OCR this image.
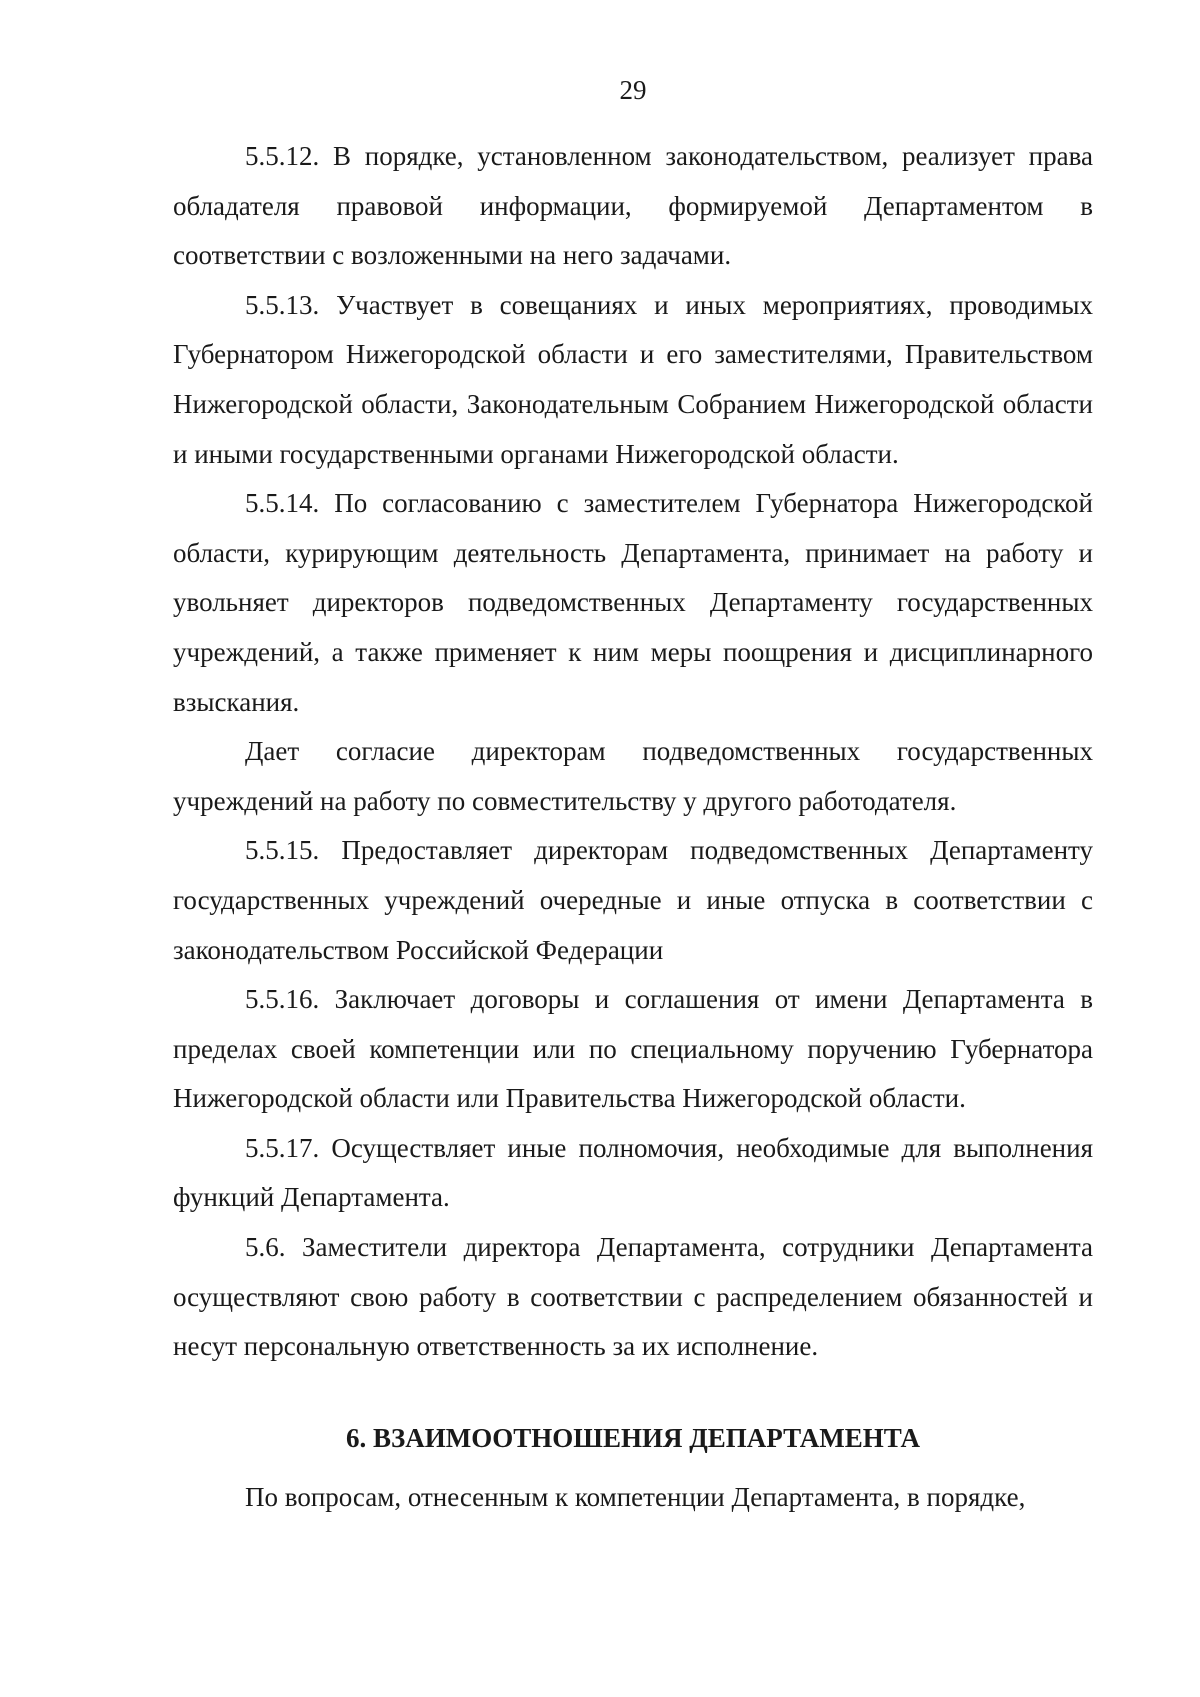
29

5.5.12. В порядке, установленном законодательством, реализует права обладателя правовой информации, формируемой Департаментом в соответствии с возложенными на него задачами.

5.5.13. Участвует в совещаниях и иных мероприятиях, проводимых Губернатором Нижегородской области и его заместителями, Правительством Нижегородской области, Законодательным Собранием Нижегородской области и иными государственными органами Нижегородской области.

5.5.14. По согласованию с заместителем Губернатора Нижегородской области, курирующим деятельность Департамента, принимает на работу и увольняет директоров подведомственных Департаменту государственных учреждений, а также применяет к ним меры поощрения и дисциплинарного взыскания.

Дает согласие директорам подведомственных государственных учреждений на работу по совместительству у другого работодателя.

5.5.15. Предоставляет директорам подведомственных Департаменту государственных учреждений очередные и иные отпуска в соответствии с законодательством Российской Федерации

5.5.16. Заключает договоры и соглашения от имени Департамента в пределах своей компетенции или по специальному поручению Губернатора Нижегородской области или Правительства Нижегородской области.

5.5.17. Осуществляет иные полномочия, необходимые для выполнения функций Департамента.

5.6. Заместители директора Департамента, сотрудники Департамента осуществляют свою работу в соответствии с распределением обязанностей и несут персональную ответственность за их исполнение.

6. ВЗАИМООТНОШЕНИЯ ДЕПАРТАМЕНТА

По вопросам, отнесенным к компетенции Департамента, в порядке,
